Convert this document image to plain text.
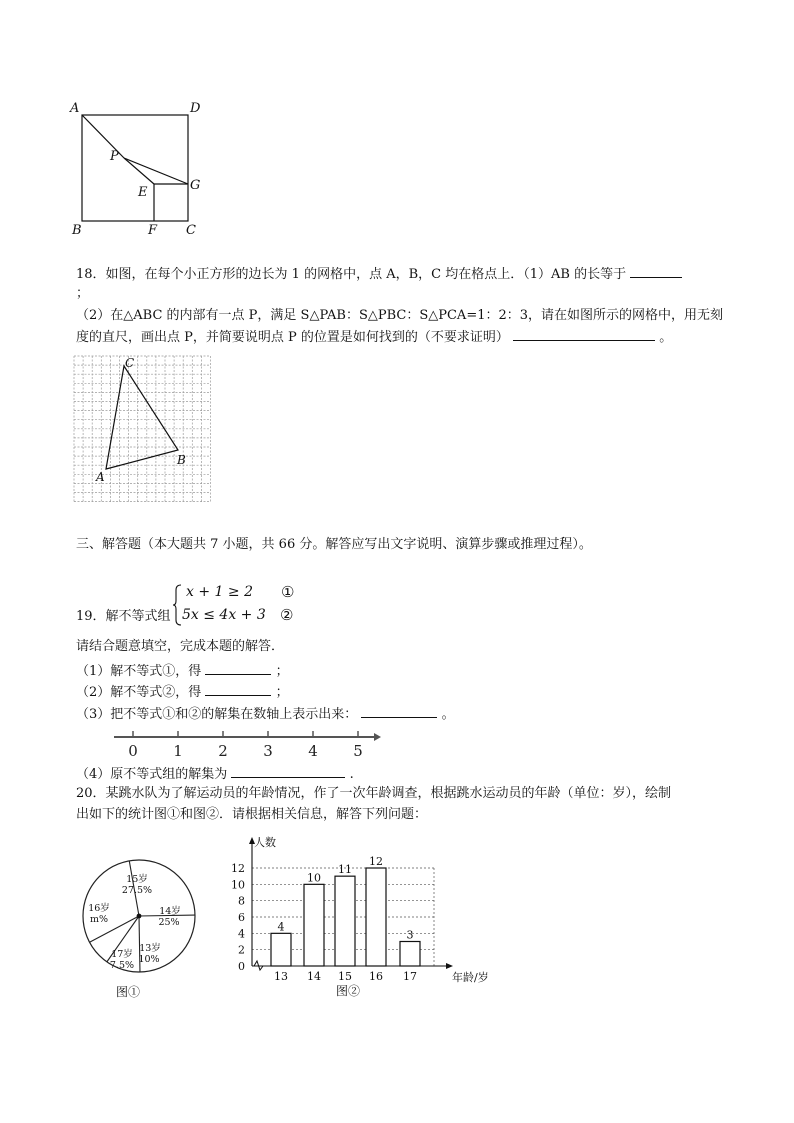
A	D
P
E	G
B	F C
18．如图，在每个小正方形的边长为 1 的网格中，点 A，B，C 均在格点上．（1）AB 的长等于
；
（2）在△ABC 的内部有一点 P，满足 S△PAB：S△PBC：S△PCA=1：2：3，请在如图所示的网格中，用无刻
度的直尺，画出点 P，并简要说明点 P 的位置是如何找到的（不要求证明）	。
A
B
C
三、解答题（本大题共 7 小题，共 66 分。解答应写出文字说明、演算步骤或推理过程）。
19．解不等式组
x + 1 ≥ 2
5x ≤ 4x + 3
①
②
请结合题意填空，完成本题的解答．
（1）解不等式①，得	；
（2）解不等式②，得	；
（3）把不等式①和②的解集在数轴上表示出来：	。
0 1 2 3 4 5
（4）原不等式组的解集为	.
20．某跳水队为了解运动员的年龄情况，作了一次年龄调查，根据跳水运动员的年龄（单位：岁），绘制
出如下的统计图①和图②．请根据相关信息，解答下列问题：
15岁
27.5%
14岁
25%
13岁
10%
17岁
7.5%
16岁
m%
图①
0
2
4
6
8
10
12
4
13
10
14
11
15
12
16
3
17
人数
年龄/岁
图②
